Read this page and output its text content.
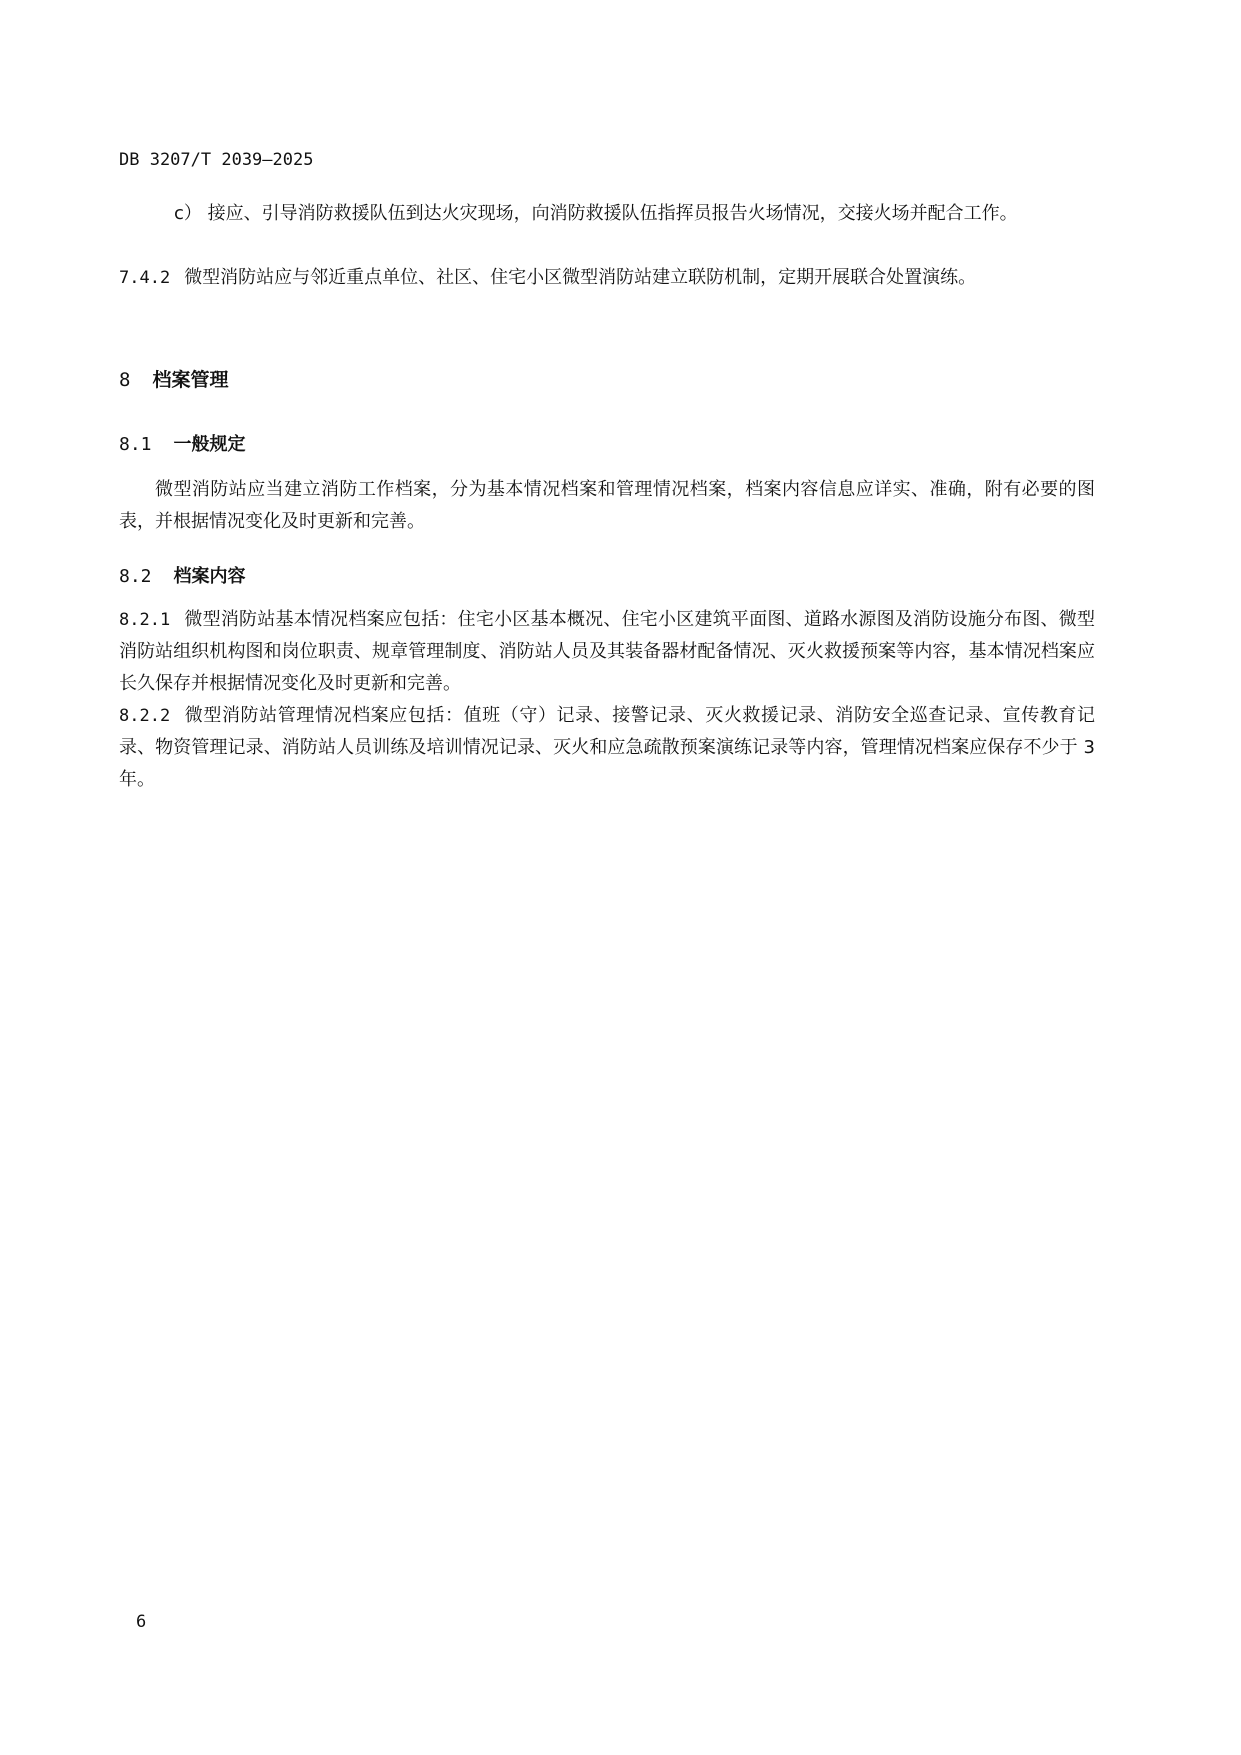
DB 3207/T 2039—2025

c） 接应、引导消防救援队伍到达火灾现场，向消防救援队伍指挥员报告火场情况，交接火场并配合工作。

7.4.2 微型消防站应与邻近重点单位、社区、住宅小区微型消防站建立联防机制，定期开展联合处置演练。

8 档案管理
8.1 一般规定

微型消防站应当建立消防工作档案，分为基本情况档案和管理情况档案，档案内容信息应详实、准确，附有必要的图表，并根据情况变化及时更新和完善。

8.2 档案内容

8.2.1 微型消防站基本情况档案应包括：住宅小区基本概况、住宅小区建筑平面图、道路水源图及消防设施分布图、微型消防站组织机构图和岗位职责、规章管理制度、消防站人员及其装备器材配备情况、灭火救援预案等内容，基本情况档案应长久保存并根据情况变化及时更新和完善。

8.2.2 微型消防站管理情况档案应包括：值班（守）记录、接警记录、灭火救援记录、消防安全巡查记录、宣传教育记录、物资管理记录、消防站人员训练及培训情况记录、灭火和应急疏散预案演练记录等内容，管理情况档案应保存不少于 3 年。

6
